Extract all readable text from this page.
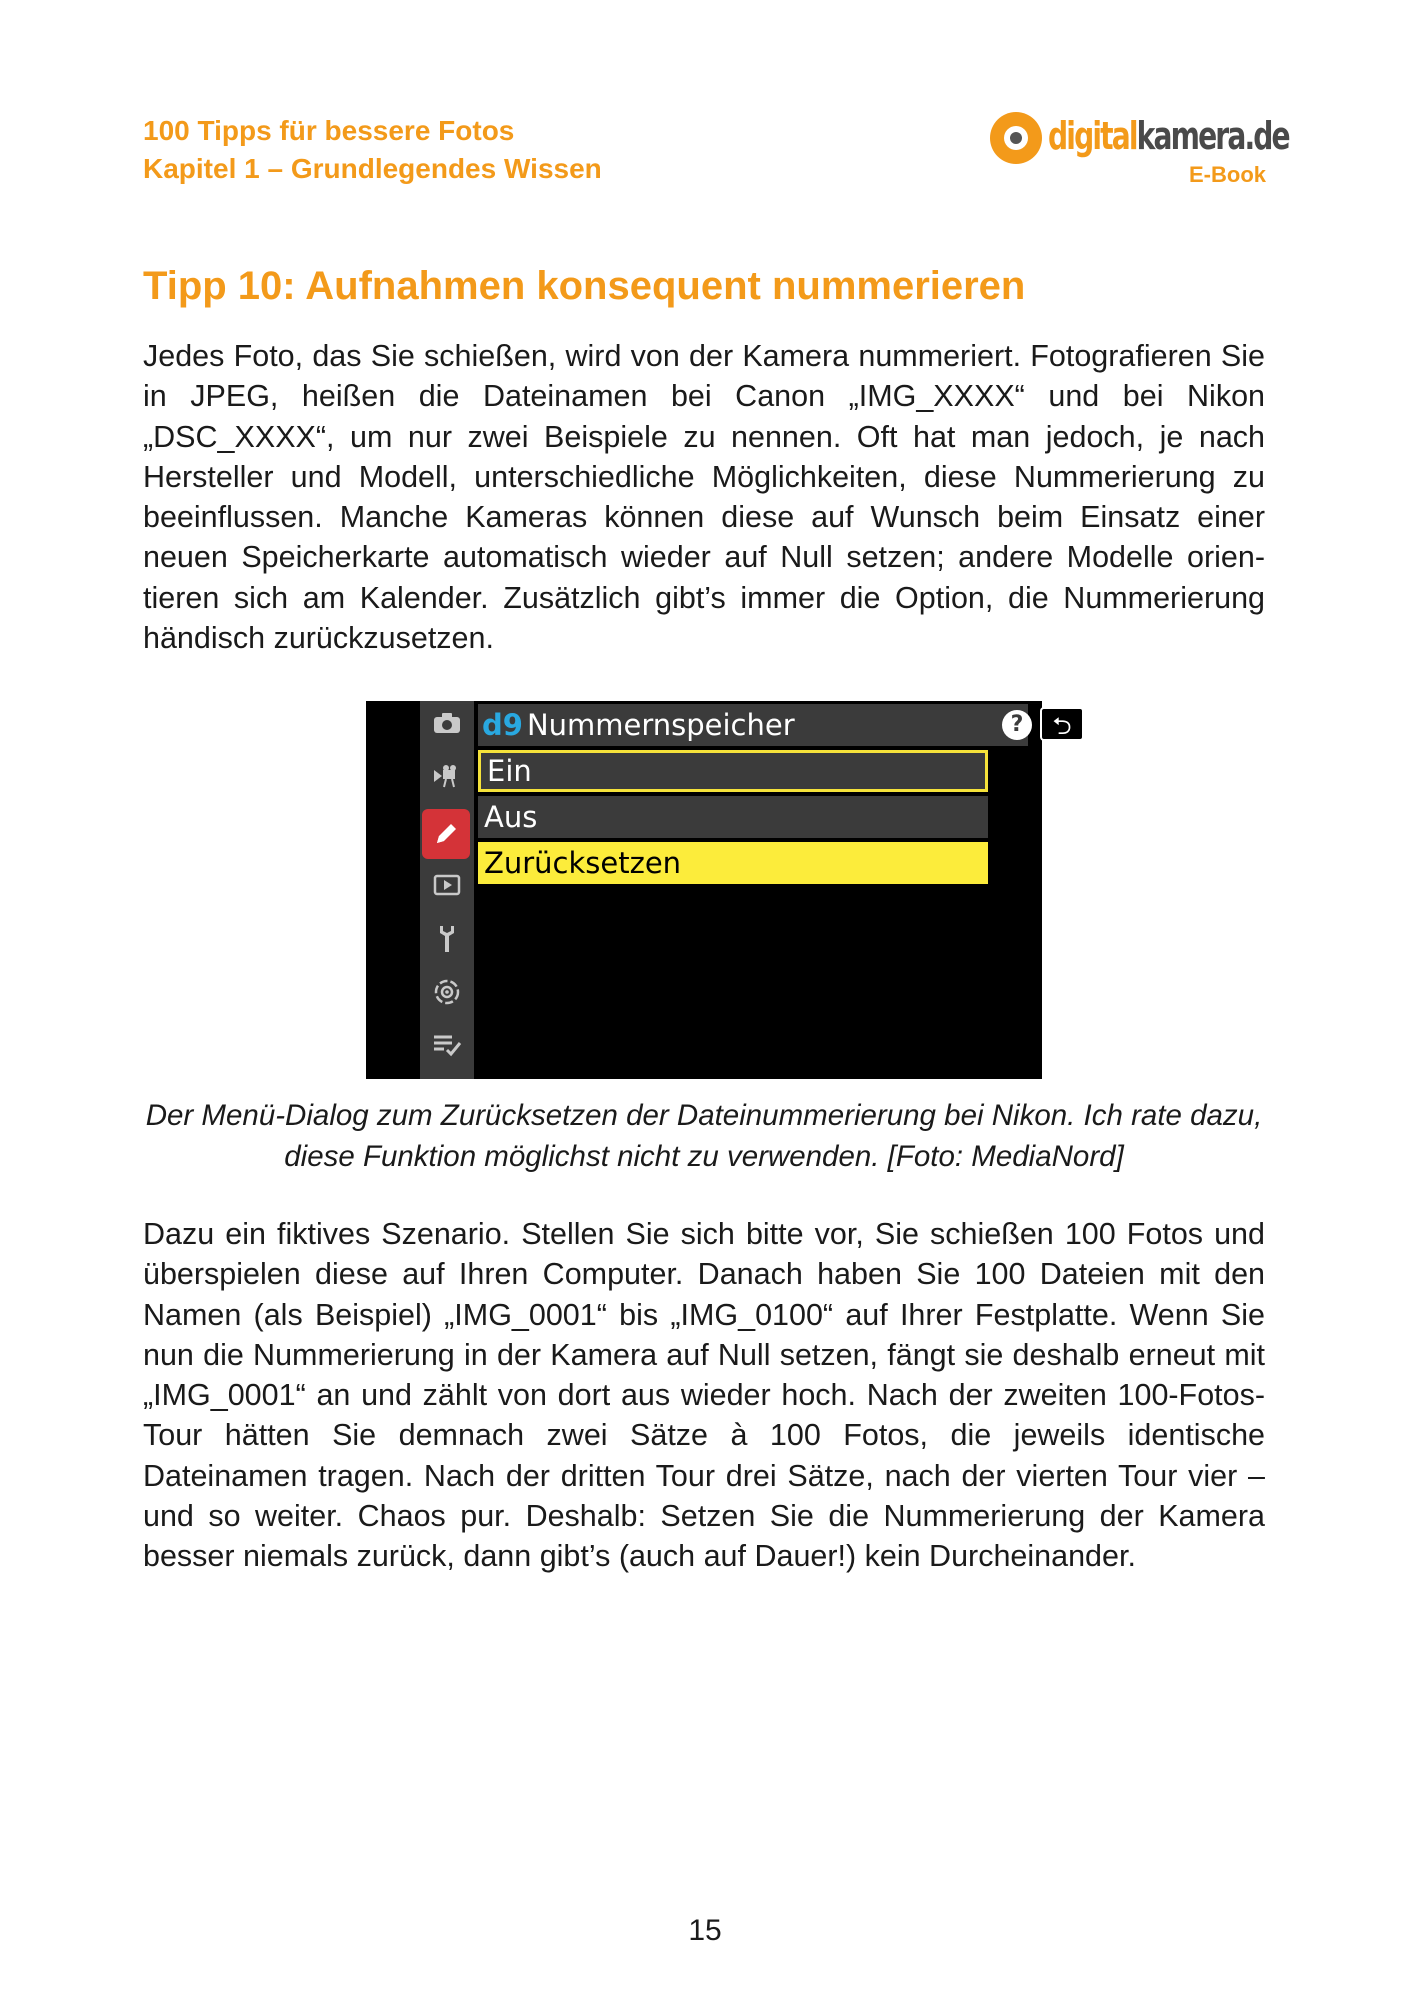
100 Tipps für bessere Fotos
Kapitel 1 – Grundlegendes Wissen
digitalkamera.de
E-Book
Tipp 10: Aufnahmen konsequent nummerieren

Jedes Foto, das Sie schießen, wird von der Kamera nummeriert. Fotografieren Sie in JPEG, heißen die Dateinamen bei Canon „IMG_XXXX“ und bei Nikon „DSC_XXXX“, um nur zwei Beispiele zu nennen. Oft hat man jedoch, je nach Hersteller und Modell, unterschiedliche Möglichkeiten, diese Nummerierung zu beeinflussen. Manche Kameras können diese auf Wunsch beim Einsatz einer neuen Speicherkarte automatisch wieder auf Null setzen; andere Modelle orientieren sich am Kalender. Zusätzlich gibt’s immer die Option, die Nummerierung händisch zurückzusetzen.

d9 Nummernspeicher	?	⮌
Ein
Aus
Zurücksetzen

Der Menü-Dialog zum Zurücksetzen der Dateinummerierung bei Nikon. Ich rate dazu, diese Funktion möglichst nicht zu verwenden. [Foto: MediaNord]

Dazu ein fiktives Szenario. Stellen Sie sich bitte vor, Sie schießen 100 Fotos und überspielen diese auf Ihren Computer. Danach haben Sie 100 Dateien mit den Namen (als Beispiel) „IMG_0001“ bis „IMG_0100“ auf Ihrer Festplatte. Wenn Sie nun die Nummerierung in der Kamera auf Null setzen, fängt sie deshalb erneut mit „IMG_0001“ an und zählt von dort aus wieder hoch. Nach der zweiten 100-Fotos-Tour hätten Sie demnach zwei Sätze à 100 Fotos, die jeweils identische Dateinamen tragen. Nach der dritten Tour drei Sätze, nach der vierten Tour vier – und so weiter. Chaos pur. Deshalb: Setzen Sie die Nummerierung der Kamera besser niemals zurück, dann gibt’s (auch auf Dauer!) kein Durcheinander.

15
